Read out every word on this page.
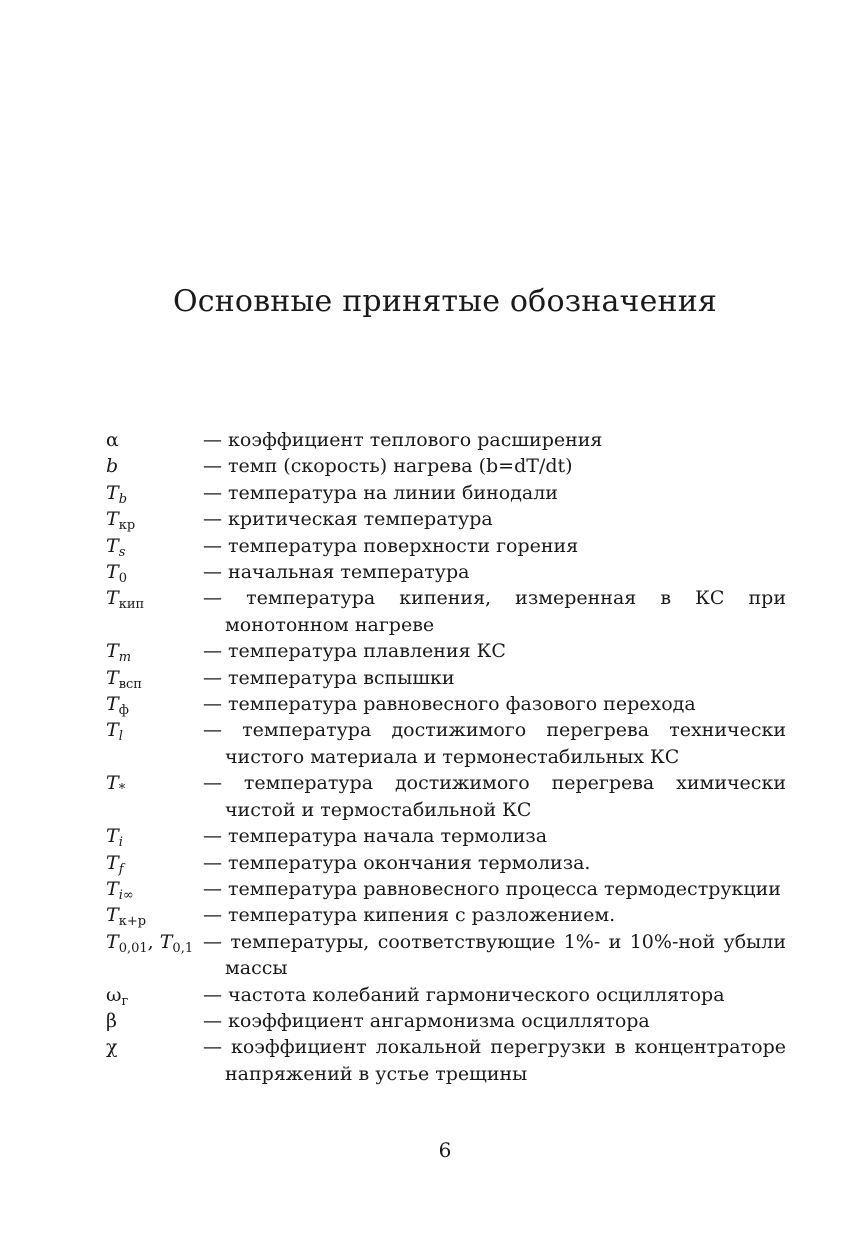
Основные принятые обозначения
α	— коэффициент теплового расширения
b	— темп (скорость) нагрева (b=dT/dt)
$T_b$	— температура на линии бинодали
$T_{кр}$	— критическая температура
$T_s$	— температура поверхности горения
$T_0$	— начальная температура
$T_{кип}$	— температура кипения, измеренная в КС при монотонном нагреве
$T_m$	— температура плавления КС
$T_{всп}$	— температура вспышки
$T_ф$	— температура равновесного фазового перехода
$T_l$	— температура достижимого перегрева технически чистого материала и термонестабильных КС
$T_*$	— температура достижимого перегрева химически чистой и термостабильной КС
$T_i$	— температура начала термолиза
$T_f$	— температура окончания термолиза.
$T_{i\infty}$	— температура равновесного процесса термодеструкции
$T_{к+р}$	— температура кипения с разложением.
$T_{0,01}$, $T_{0,1}$ — температуры, соответствующие 1%- и 10%-ной убыли массы
$\omega_г$	— частота колебаний гармонического осциллятора
β	— коэффициент ангармонизма осциллятора
χ	— коэффициент локальной перегрузки в концентраторе напряжений в устье трещины
6
